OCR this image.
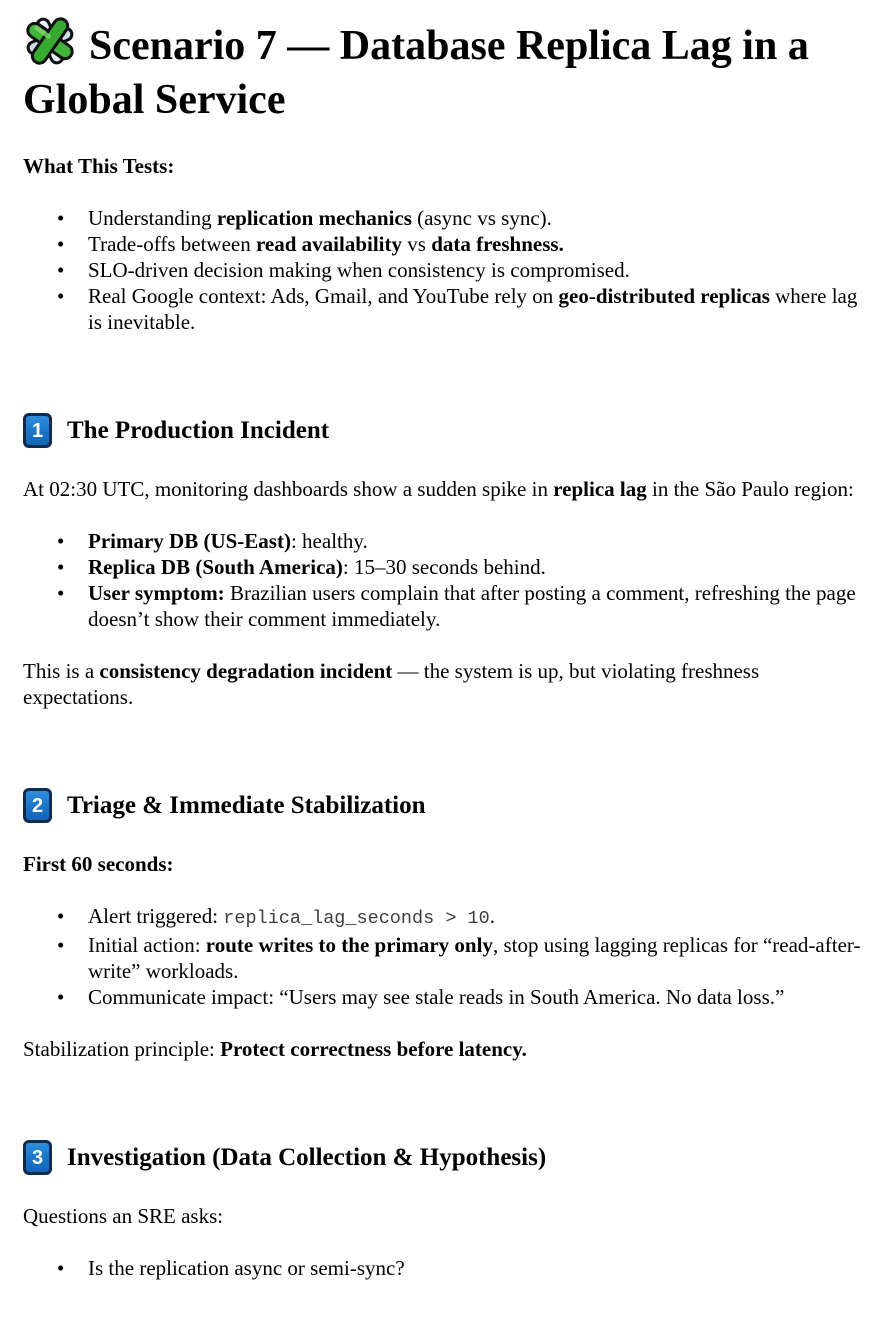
Scenario 7 — Database Replica Lag in a Global Service

What This Tests:

• Understanding replication mechanics (async vs sync).
• Trade-offs between read availability vs data freshness.
• SLO-driven decision making when consistency is compromised.
• Real Google context: Ads, Gmail, and YouTube rely on geo-distributed replicas where lag is inevitable.
1 The Production Incident

At 02:30 UTC, monitoring dashboards show a sudden spike in replica lag in the São Paulo region:

• Primary DB (US-East): healthy.
• Replica DB (South America): 15–30 seconds behind.
• User symptom: Brazilian users complain that after posting a comment, refreshing the page doesn’t show their comment immediately.

This is a consistency degradation incident — the system is up, but violating freshness expectations.

2 Triage & Immediate Stabilization

First 60 seconds:

• Alert triggered: replica_lag_seconds > 10.
• Initial action: route writes to the primary only, stop using lagging replicas for “read-after-write” workloads.
• Communicate impact: “Users may see stale reads in South America. No data loss.”

Stabilization principle: Protect correctness before latency.

3 Investigation (Data Collection & Hypothesis)

Questions an SRE asks:

• Is the replication async or semi-sync?
